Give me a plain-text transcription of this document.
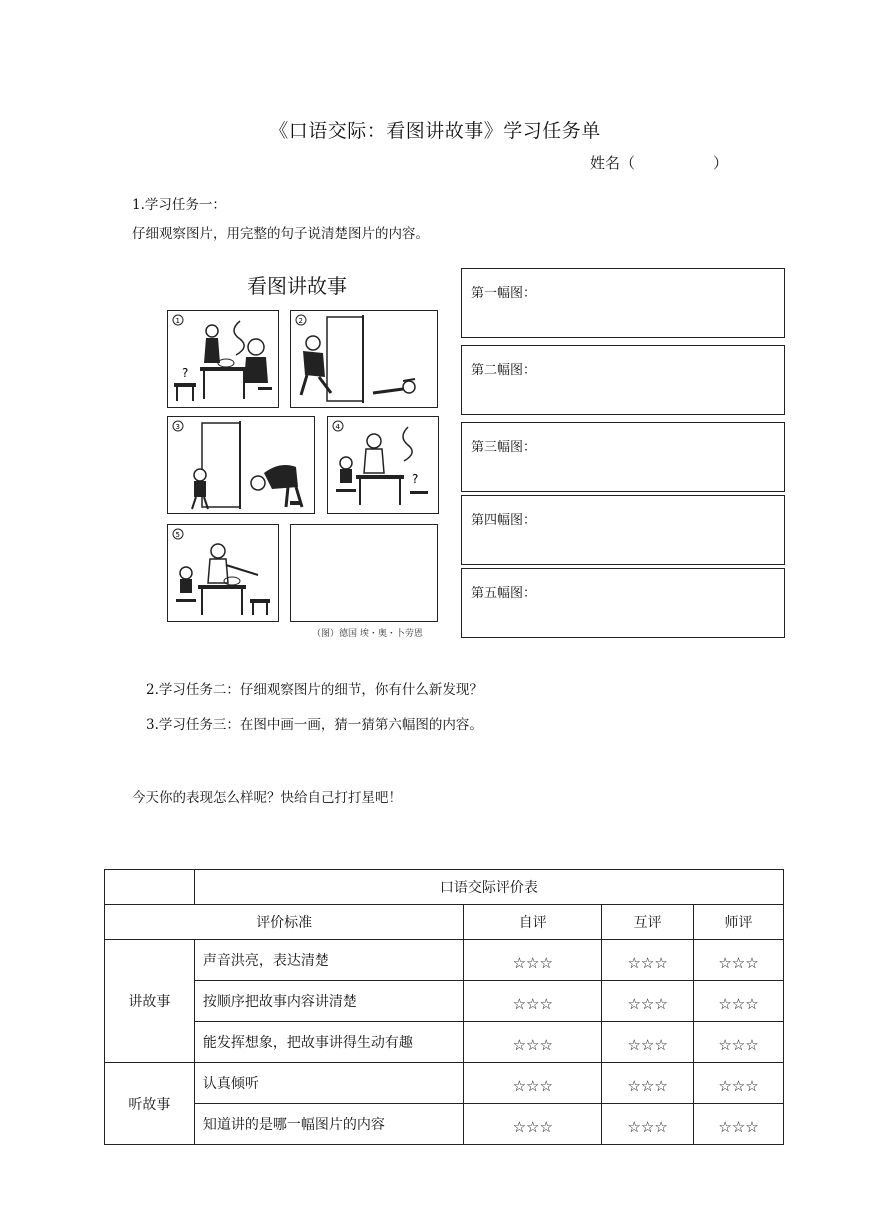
《口语交际：看图讲故事》学习任务单
姓名（	）
1.学习任务一：
仔细观察图片，用完整的句子说清楚图片的内容。
看图讲故事
1
?
2
3	4
?
5
（图）德国 埃・奥・卜劳恩
第一幅图：
第二幅图：
第三幅图：
第四幅图：
第五幅图：
2.学习任务二：仔细观察图片的细节，你有什么新发现？
3.学习任务三：在图中画一画，猜一猜第六幅图的内容。
今天你的表现怎么样呢？快给自己打打星吧！
	口语交际评价表			
评价标准		自评	互评	师评
讲故事	声音洪亮，表达清楚	☆☆☆	☆☆☆	☆☆☆
	按顺序把故事内容讲清楚	☆☆☆	☆☆☆	☆☆☆
	能发挥想象，把故事讲得生动有趣	☆☆☆	☆☆☆	☆☆☆
听故事	认真倾听	☆☆☆	☆☆☆	☆☆☆
	知道讲的是哪一幅图片的内容	☆☆☆	☆☆☆	☆☆☆
